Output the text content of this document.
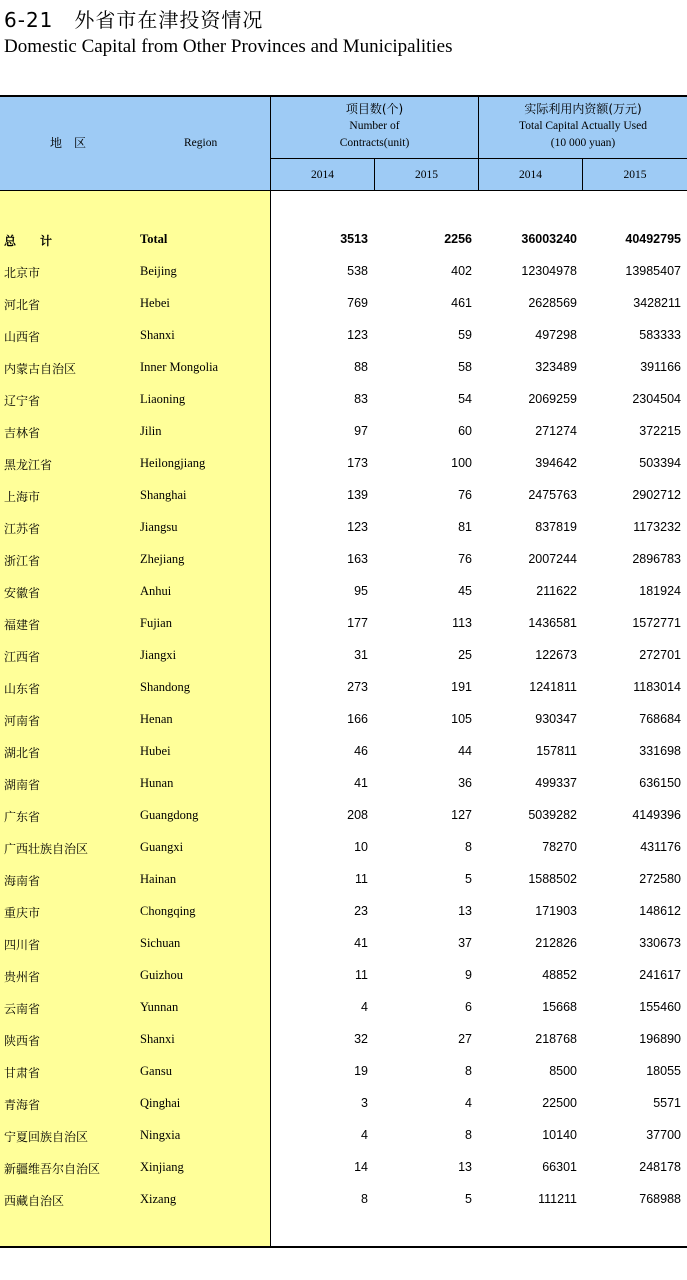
6-21　外省市在津投资情况
Domestic Capital from Other Provinces and Municipalities
地　区	Region
项目数(个)
Number of
Contracts(unit)
实际利用内资额(万元)
Total Capital Actually Used
(10 000 yuan)
2014	2015	2014	2015
总　　计	Total	3513	2256	36003240	40492795
北京市	Beijing	538	402	12304978	13985407
河北省	Hebei	769	461	2628569	3428211
山西省	Shanxi	123	59	497298	583333
内蒙古自治区	Inner Mongolia	88	58	323489	391166
辽宁省	Liaoning	83	54	2069259	2304504
吉林省	Jilin	97	60	271274	372215
黑龙江省	Heilongjiang	173	100	394642	503394
上海市	Shanghai	139	76	2475763	2902712
江苏省	Jiangsu	123	81	837819	1173232
浙江省	Zhejiang	163	76	2007244	2896783
安徽省	Anhui	95	45	211622	181924
福建省	Fujian	177	113	1436581	1572771
江西省	Jiangxi	31	25	122673	272701
山东省	Shandong	273	191	1241811	1183014
河南省	Henan	166	105	930347	768684
湖北省	Hubei	46	44	157811	331698
湖南省	Hunan	41	36	499337	636150
广东省	Guangdong	208	127	5039282	4149396
广西壮族自治区	Guangxi	10	8	78270	431176
海南省	Hainan	11	5	1588502	272580
重庆市	Chongqing	23	13	171903	148612
四川省	Sichuan	41	37	212826	330673
贵州省	Guizhou	11	9	48852	241617
云南省	Yunnan	4	6	15668	155460
陕西省	Shanxi	32	27	218768	196890
甘肃省	Gansu	19	8	8500	18055
青海省	Qinghai	3	4	22500	5571
宁夏回族自治区	Ningxia	4	8	10140	37700
新疆维吾尔自治区	Xinjiang	14	13	66301	248178
西藏自治区	Xizang	8	5	111211	768988
